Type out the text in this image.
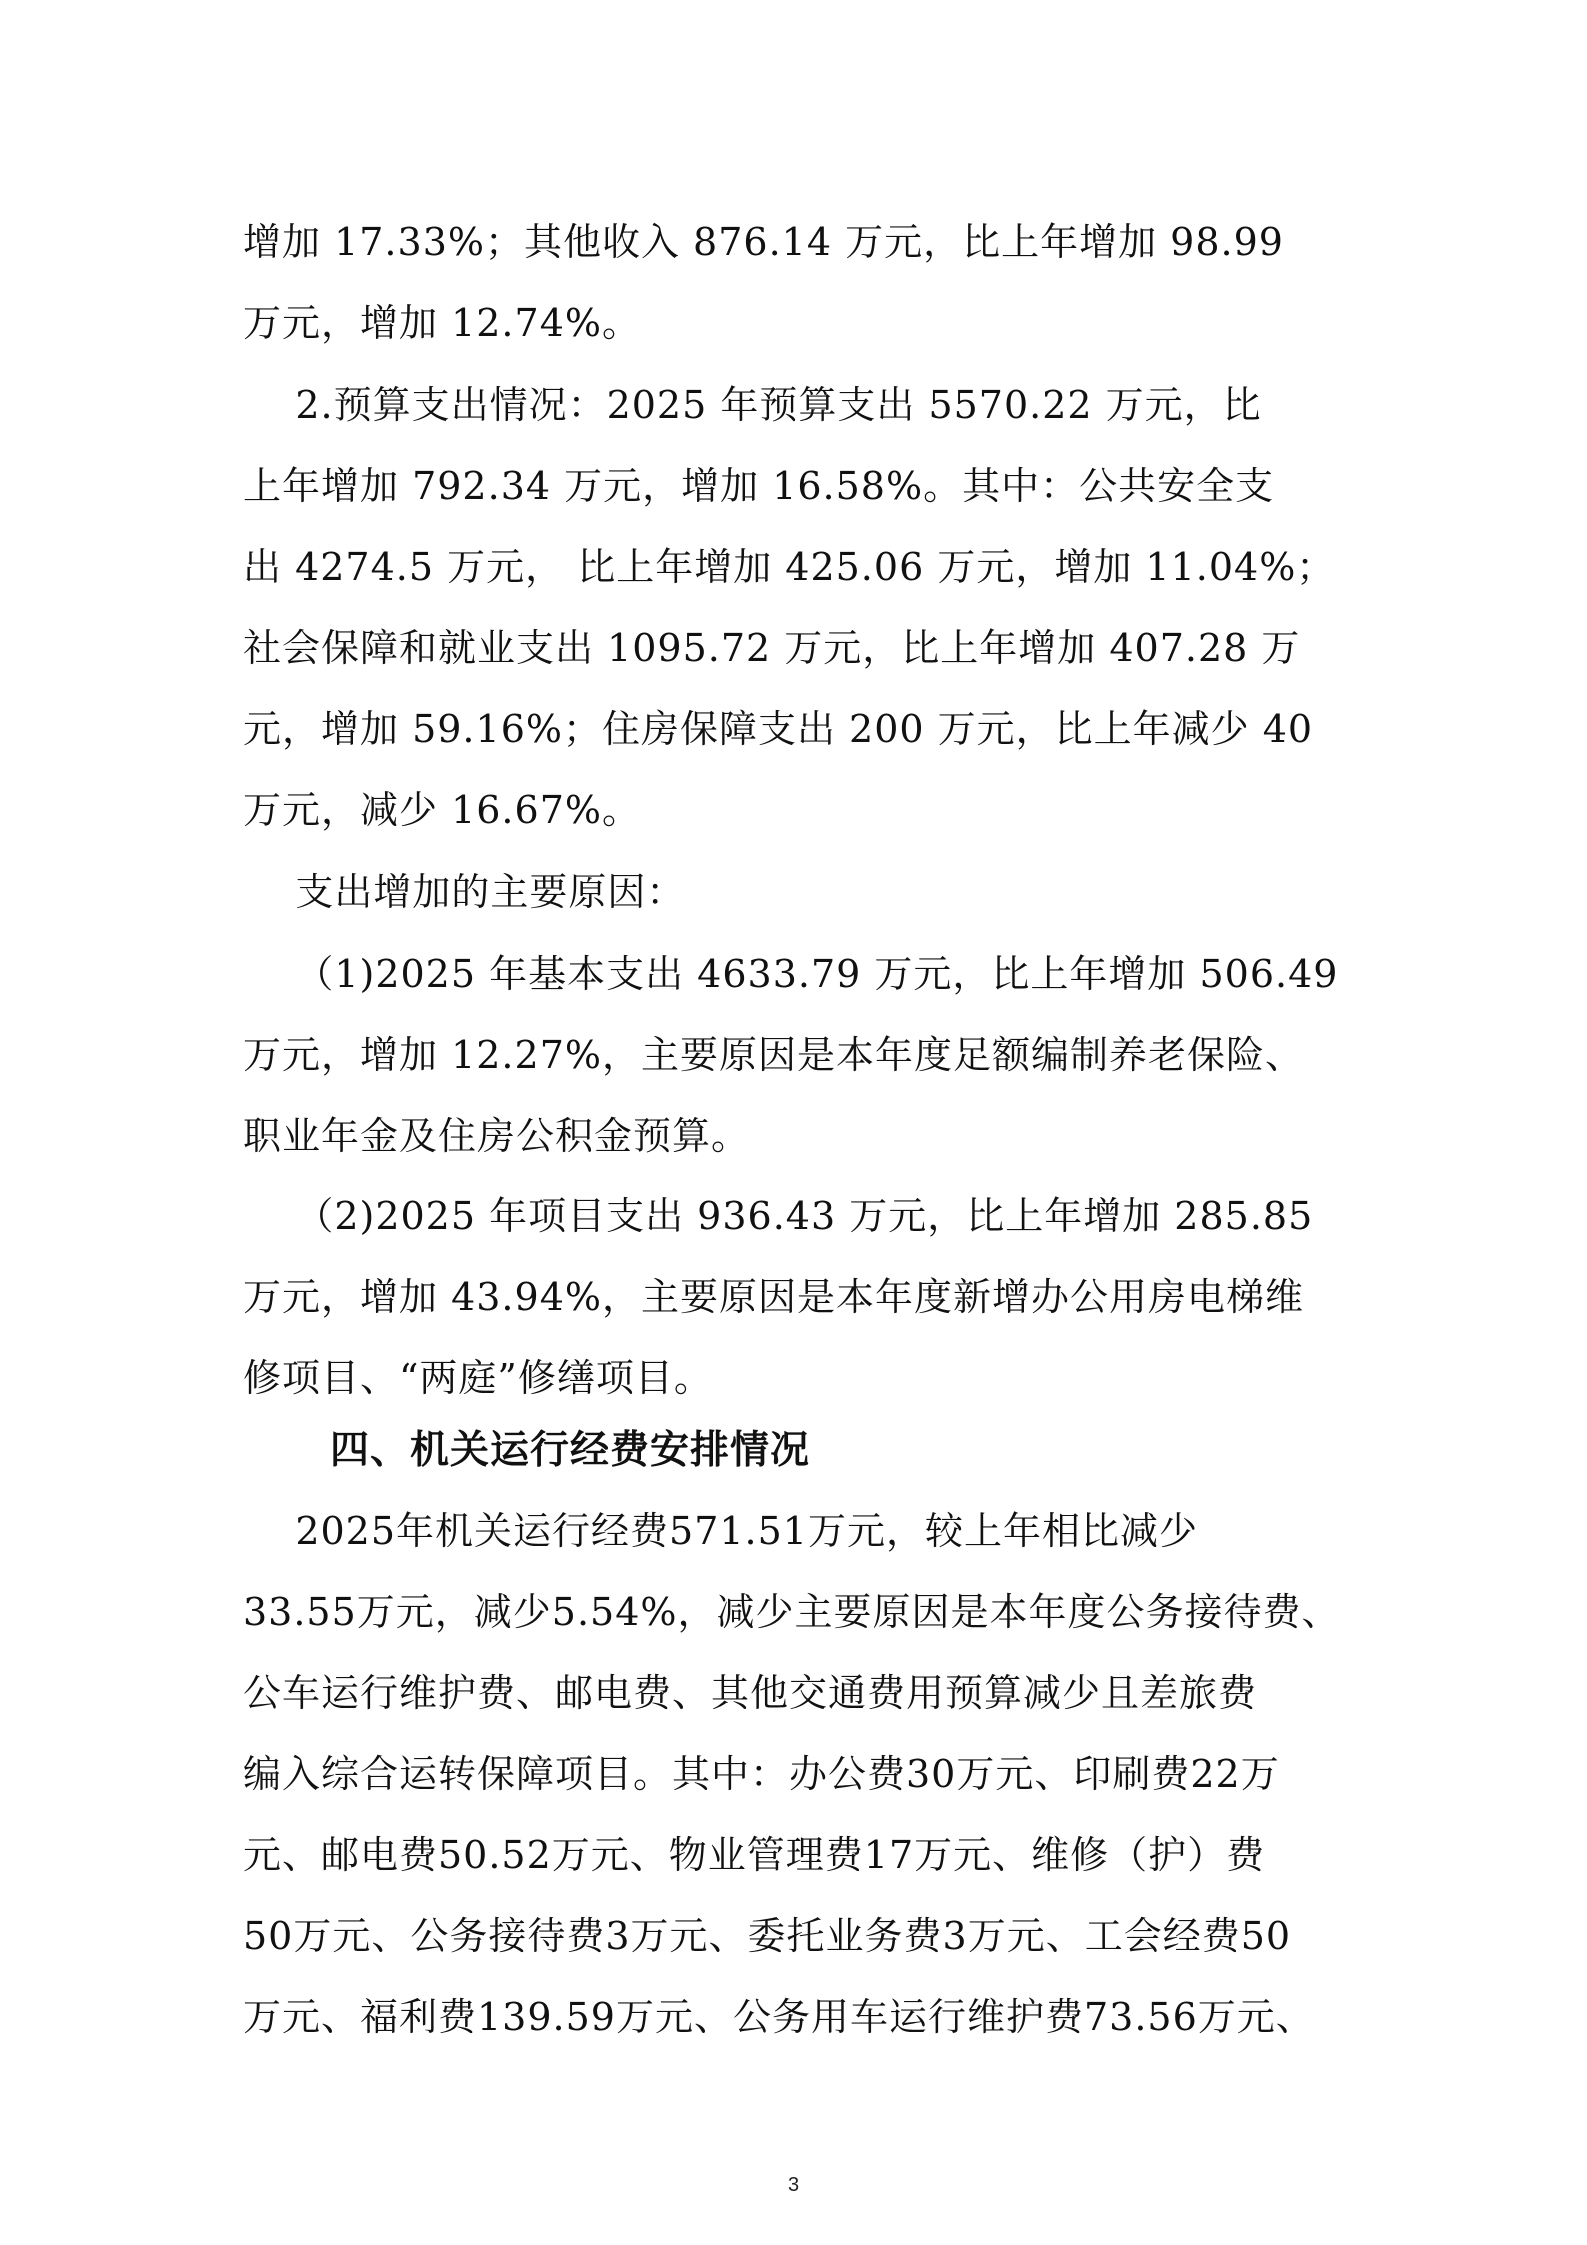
增加 17.33%；其他收入 876.14 万元，比上年增加 98.99
万元，增加 12.74%。
2.预算支出情况：2025 年预算支出 5570.22 万元，比
上年增加 792.34 万元，增加 16.58%。其中：公共安全支
出 4274.5 万元， 比上年增加 425.06 万元，增加 11.04%；
社会保障和就业支出 1095.72 万元，比上年增加 407.28 万
元，增加 59.16%；住房保障支出 200 万元，比上年减少 40
万元，减少 16.67%。
支出增加的主要原因：
（1)2025 年基本支出 4633.79 万元，比上年增加 506.49
万元，增加 12.27%，主要原因是本年度足额编制养老保险、
职业年金及住房公积金预算。
（2)2025 年项目支出 936.43 万元，比上年增加 285.85
万元，增加 43.94%，主要原因是本年度新增办公用房电梯维
修项目、“两庭”修缮项目。
四、机关运行经费安排情况
2025年机关运行经费571.51万元，较上年相比减少
33.55万元，减少5.54%，减少主要原因是本年度公务接待费、
公车运行维护费、邮电费、其他交通费用预算减少且差旅费
编入综合运转保障项目。其中：办公费30万元、印刷费22万
元、邮电费50.52万元、物业管理费17万元、维修（护）费
50万元、公务接待费3万元、委托业务费3万元、工会经费50
万元、福利费139.59万元、公务用车运行维护费73.56万元、
3
